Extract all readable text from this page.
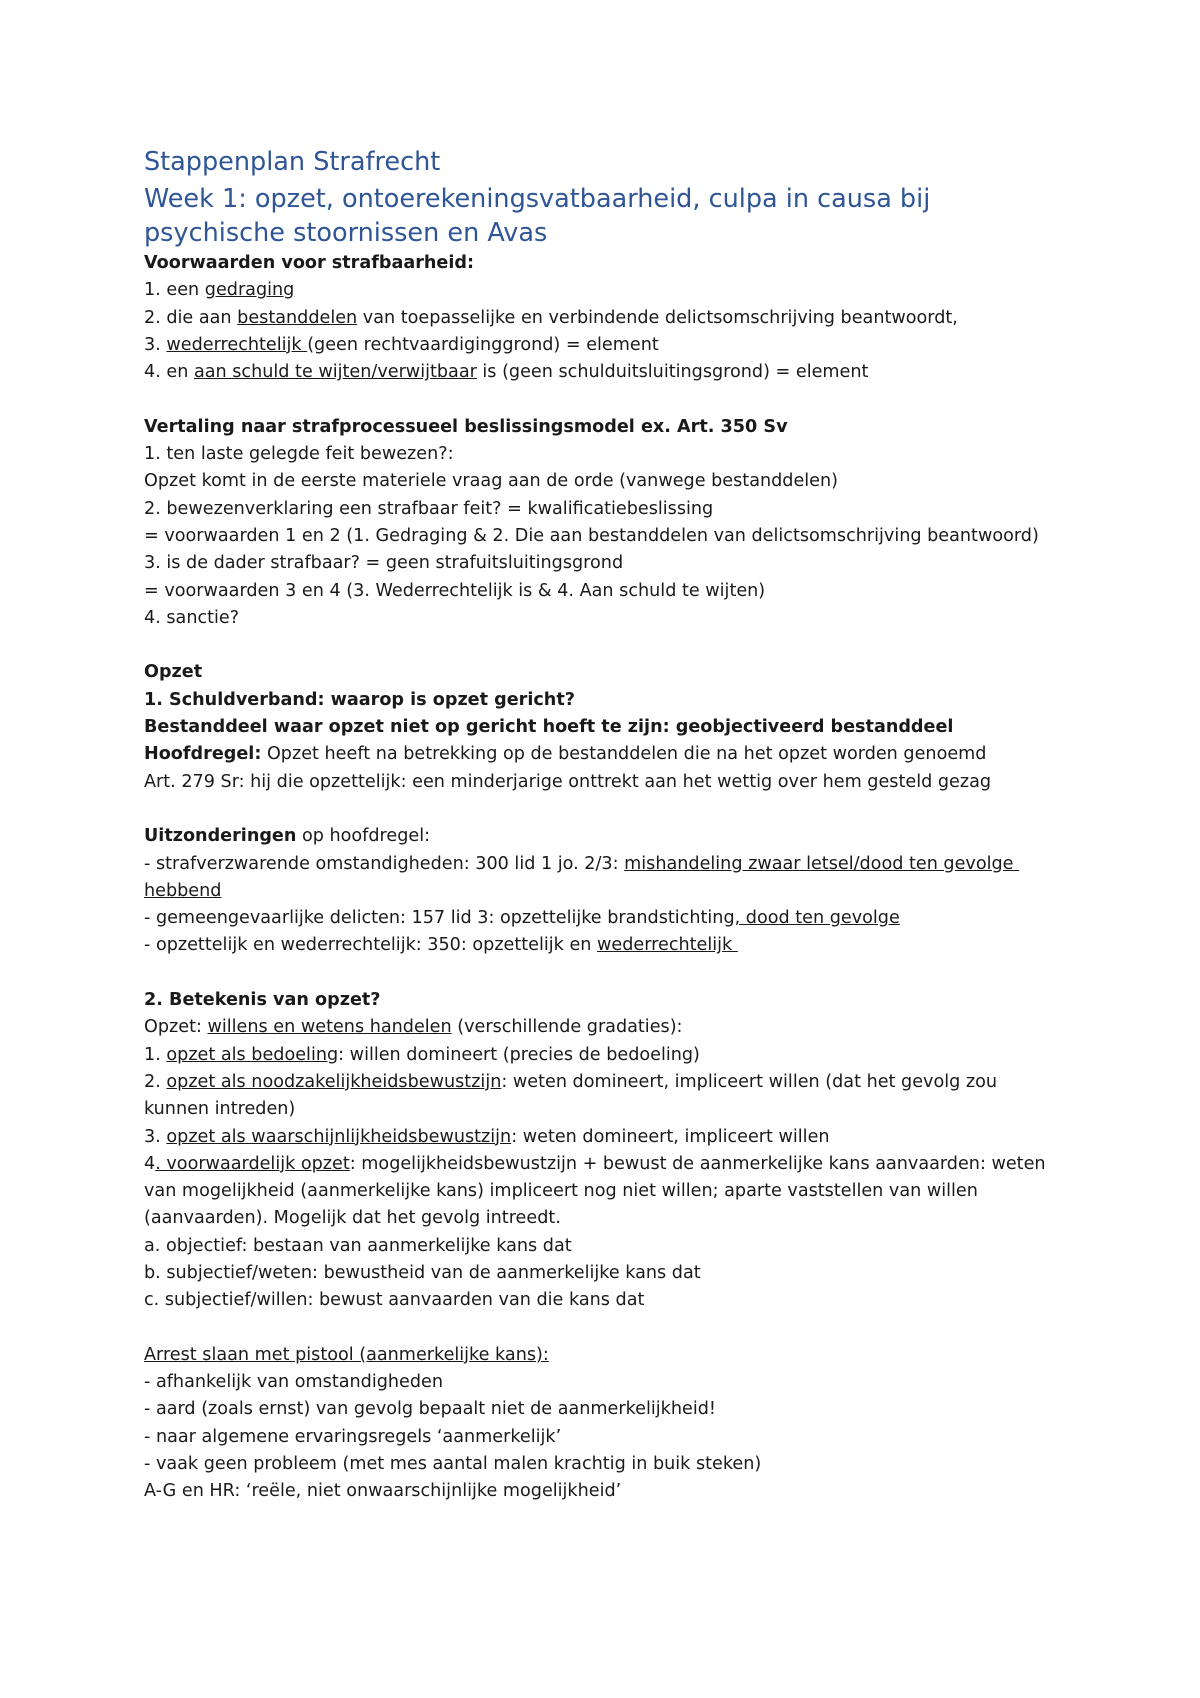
Stappenplan Strafrecht
Week 1: opzet, ontoerekeningsvatbaarheid, culpa in causa bij psychische stoornissen en Avas

Voorwaarden voor strafbaarheid:

1. een gedraging

2. die aan bestanddelen van toepasselijke en verbindende delictsomschrijving beantwoordt,

3. wederrechtelijk (geen rechtvaardiginggrond) = element

4. en aan schuld te wijten/verwijtbaar is (geen schulduitsluitingsgrond) = element

Vertaling naar strafprocessueel beslissingsmodel ex. Art. 350 Sv

1. ten laste gelegde feit bewezen?:

Opzet komt in de eerste materiele vraag aan de orde (vanwege bestanddelen)

2. bewezenverklaring een strafbaar feit? = kwalificatiebeslissing

= voorwaarden 1 en 2 (1. Gedraging & 2. Die aan bestanddelen van delictsomschrijving beantwoord)

3. is de dader strafbaar? = geen strafuitsluitingsgrond

= voorwaarden 3 en 4 (3. Wederrechtelijk is & 4. Aan schuld te wijten)

4. sanctie?

Opzet

1. Schuldverband: waarop is opzet gericht?

Bestanddeel waar opzet niet op gericht hoeft te zijn: geobjectiveerd bestanddeel

Hoofdregel: Opzet heeft na betrekking op de bestanddelen die na het opzet worden genoemd

Art. 279 Sr: hij die opzettelijk: een minderjarige onttrekt aan het wettig over hem gesteld gezag

Uitzonderingen op hoofdregel:

- strafverzwarende omstandigheden: 300 lid 1 jo. 2/3: mishandeling zwaar letsel/dood ten gevolge

hebbend

- gemeengevaarlijke delicten: 157 lid 3: opzettelijke brandstichting, dood ten gevolge

- opzettelijk en wederrechtelijk: 350: opzettelijk en wederrechtelijk

2. Betekenis van opzet?

Opzet: willens en wetens handelen (verschillende gradaties):

1. opzet als bedoeling: willen domineert (precies de bedoeling)

2. opzet als noodzakelijkheidsbewustzijn: weten domineert, impliceert willen (dat het gevolg zou

kunnen intreden)

3. opzet als waarschijnlijkheidsbewustzijn: weten domineert, impliceert willen

4. voorwaardelijk opzet: mogelijkheidsbewustzijn + bewust de aanmerkelijke kans aanvaarden: weten

van mogelijkheid (aanmerkelijke kans) impliceert nog niet willen; aparte vaststellen van willen

(aanvaarden). Mogelijk dat het gevolg intreedt.

a. objectief: bestaan van aanmerkelijke kans dat

b. subjectief/weten: bewustheid van de aanmerkelijke kans dat

c. subjectief/willen: bewust aanvaarden van die kans dat

Arrest slaan met pistool (aanmerkelijke kans):

- afhankelijk van omstandigheden

- aard (zoals ernst) van gevolg bepaalt niet de aanmerkelijkheid!

- naar algemene ervaringsregels ‘aanmerkelijk’

- vaak geen probleem (met mes aantal malen krachtig in buik steken)

A-G en HR: ‘reële, niet onwaarschijnlijke mogelijkheid’
